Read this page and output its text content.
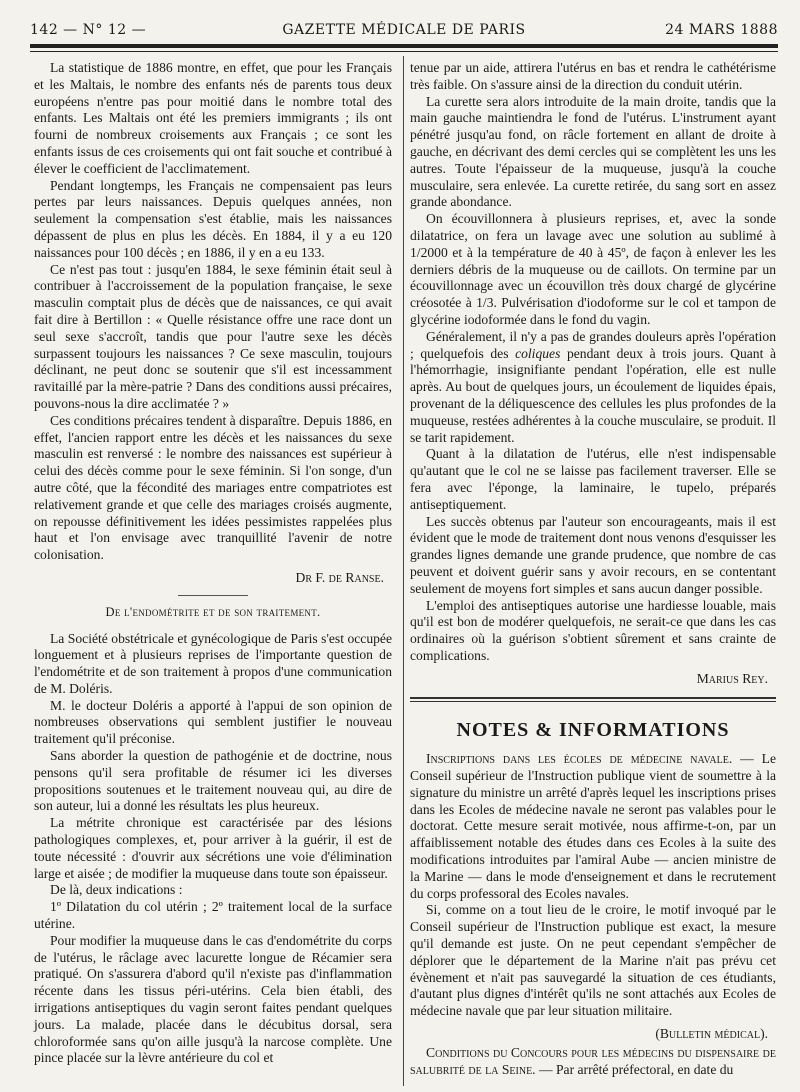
142 — N° 12 —	GAZETTE MÉDICALE DE PARIS	24 MARS 1888

La statistique de 1886 montre, en effet, que pour les Français et les Maltais, le nombre des enfants nés de parents tous deux européens n'entre pas pour moitié dans le nombre total des enfants. Les Maltais ont été les premiers immigrants ; ils ont fourni de nombreux croisements aux Français ; ce sont les enfants issus de ces croisements qui ont fait souche et contribué à élever le coefficient de l'acclimatement.

Pendant longtemps, les Français ne compensaient pas leurs pertes par leurs naissances. Depuis quelques années, non seulement la compensation s'est établie, mais les naissances dépassent de plus en plus les décès. En 1884, il y a eu 120 naissances pour 100 décès ; en 1886, il y en a eu 133.

Ce n'est pas tout : jusqu'en 1884, le sexe féminin était seul à contribuer à l'accroissement de la population française, le sexe masculin comptait plus de décès que de naissances, ce qui avait fait dire à Bertillon : « Quelle résistance offre une race dont un seul sexe s'accroît, tandis que pour l'autre sexe les décès surpassent toujours les naissances ? Ce sexe masculin, toujours déclinant, ne peut donc se soutenir que s'il est incessamment ravitaillé par la mère-patrie ? Dans des conditions aussi précaires, pouvons-nous la dire acclimatée ? »

Ces conditions précaires tendent à disparaître. Depuis 1886, en effet, l'ancien rapport entre les décès et les naissances du sexe masculin est renversé : le nombre des naissances est supérieur à celui des décès comme pour le sexe féminin. Si l'on songe, d'un autre côté, que la fécondité des mariages entre compatriotes est relativement grande et que celle des mariages croisés augmente, on repousse définitivement les idées pessimistes rappelées plus haut et l'on envisage avec tranquillité l'avenir de notre colonisation.

Dr F. de Ranse.
De l'endométrite et de son traitement.

La Société obstétricale et gynécologique de Paris s'est occupée longuement et à plusieurs reprises de l'importante question de l'endométrite et de son traitement à propos d'une communication de M. Doléris.

M. le docteur Doléris a apporté à l'appui de son opinion de nombreuses observations qui semblent justifier le nouveau traitement qu'il préconise.

Sans aborder la question de pathogénie et de doctrine, nous pensons qu'il sera profitable de résumer ici les diverses propositions soutenues et le traitement nouveau qui, au dire de son auteur, lui a donné les résultats les plus heureux.

La métrite chronique est caractérisée par des lésions pathologiques complexes, et, pour arriver à la guérir, il est de toute nécessité : d'ouvrir aux sécrétions une voie d'élimination large et aisée ; de modifier la muqueuse dans toute son épaisseur.

De là, deux indications :

1º Dilatation du col utérin ; 2º traitement local de la surface utérine.

Pour modifier la muqueuse dans le cas d'endométrite du corps de l'utérus, le râclage avec lacurette longue de Récamier sera pratiqué. On s'assurera d'abord qu'il n'existe pas d'inflammation récente dans les tissus péri-utérins. Cela bien établi, des irrigations antiseptiques du vagin seront faites pendant quelques jours. La malade, placée dans le décubitus dorsal, sera chloroformée sans qu'on aille jusqu'à la narcose complète. Une pince placée sur la lèvre antérieure du col et

tenue par un aide, attirera l'utérus en bas et rendra le cathétérisme très faible. On s'assure ainsi de la direction du conduit utérin.

La curette sera alors introduite de la main droite, tandis que la main gauche maintiendra le fond de l'utérus. L'instrument ayant pénétré jusqu'au fond, on râcle fortement en allant de droite à gauche, en décrivant des demi cercles qui se complètent les uns les autres. Toute l'épaisseur de la muqueuse, jusqu'à la couche musculaire, sera enlevée. La curette retirée, du sang sort en assez grande abondance.

On écouvillonnera à plusieurs reprises, et, avec la sonde dilatatrice, on fera un lavage avec une solution au sublimé à 1/2000 et à la température de 40 à 45º, de façon à enlever les les derniers débris de la muqueuse ou de caillots. On termine par un écouvillonnage avec un écouvillon très doux chargé de glycérine créosotée à 1/3. Pulvérisation d'iodoforme sur le col et tampon de glycérine iodoformée dans le fond du vagin.

Généralement, il n'y a pas de grandes douleurs après l'opération ; quelquefois des coliques pendant deux à trois jours. Quant à l'hémorrhagie, insignifiante pendant l'opération, elle est nulle après. Au bout de quelques jours, un écoulement de liquides épais, provenant de la déliquescence des cellules les plus profondes de la muqueuse, restées adhérentes à la couche musculaire, se produit. Il se tarit rapidement.

Quant à la dilatation de l'utérus, elle n'est indispensable qu'autant que le col ne se laisse pas facilement traverser. Elle se fera avec l'éponge, la laminaire, le tupelo, préparés antiseptiquement.

Les succès obtenus par l'auteur son encourageants, mais il est évident que le mode de traitement dont nous venons d'esquisser les grandes lignes demande une grande prudence, que nombre de cas peuvent et doivent guérir sans y avoir recours, en se contentant seulement de moyens fort simples et sans aucun danger possible.

L'emploi des antiseptiques autorise une hardiesse louable, mais qu'il est bon de modérer quelquefois, ne serait-ce que dans les cas ordinaires où la guérison s'obtient sûrement et sans crainte de complications.

Marius Rey.
NOTES & INFORMATIONS

Inscriptions dans les écoles de médecine navale. — Le Conseil supérieur de l'Instruction publique vient de soumettre à la signature du ministre un arrêté d'après lequel les inscriptions prises dans les Ecoles de médecine navale ne seront pas valables pour le doctorat. Cette mesure serait motivée, nous affirme-t-on, par un affaiblissement notable des études dans ces Ecoles à la suite des modifications introduites par l'amiral Aube — ancien ministre de la Marine — dans le mode d'enseignement et dans le recrutement du corps professoral des Ecoles navales.

Si, comme on a tout lieu de le croire, le motif invoqué par le Conseil supérieur de l'Instruction publique est exact, la mesure qu'il demande est juste. On ne peut cependant s'empêcher de déplorer que le département de la Marine n'ait pas prévu cet évènement et n'ait pas sauvegardé la situation de ces étudiants, d'autant plus dignes d'intérêt qu'ils ne sont attachés aux Ecoles de médecine navale que par leur situation militaire.

(Bulletin médical).

Conditions du Concours pour les médecins du dispensaire de salubrité de la Seine. — Par arrêté préfectoral, en date du
